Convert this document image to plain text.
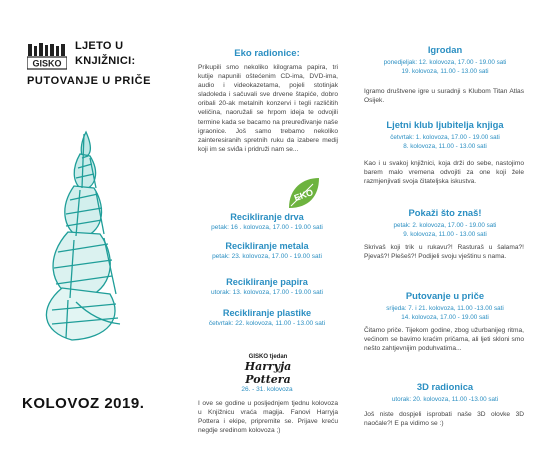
GISKO
LJETO U
KNJIŽNICI:
PUTOVANJE U PRIČE
KOLOVOZ 2019.
Eko radionice:
Prikupili smo nekoliko kilograma papira, tri kutije napunili oštećenim CD-ima, DVD-ima, audio i videokazetama, pojeli stotinjak sladoleda i sačuvali sve drvene štapiće, dobro oribali 20-ak metalnih konzervi i tegli različitih veličina, naoružali se hrpom ideja te odvojili termine kada se bacamo na preuređivanje naše igraonice. Još samo trebamo nekoliko zainteresiranih spretnih ruku da izabere medij koji im se sviđa i pridruži nam se...
EKO
Recikliranje drva
petak: 16 . kolovoza, 17.00 - 19.00 sati
Recikliranje metala
petak: 23. kolovoza, 17.00 - 19.00 sati
Recikliranje papira
utorak: 13. kolovoza, 17.00 - 19.00 sati
Recikliranje plastike
četvrtak: 22. kolovoza, 11.00 - 13.00 sati
GISKO tjedan
Harryja Pottera
26. - 31. kolovoza
I ove se godine u posljednjem tjednu kolovoza u Knjižnicu vraća magija. Fanovi Harryja Pottera i ekipe, pripremite se. Prijave kreću negdje sredinom kolovoza ;)
Igrodan
ponedjeljak: 12. kolovoza, 17.00 - 19.00 sati
19. kolovoza, 11.00 - 13.00 sati
Igramo društvene igre u suradnji s Klubom Titan Atlas Osijek.
Ljetni klub ljubitelja knjiga
četvrtak: 1. kolovoza, 17.00 - 19.00 sati
8. kolovoza, 11.00 - 13.00 sati
Kao i u svakoj knjižnici, koja drži do sebe, nastojimo barem malo vremena odvojiti za one koji žele razmjenjivati svoja čitateljska iskustva.
Pokaži što znaš!
petak: 2. kolovoza, 17.00 - 19.00 sati
9. kolovoza, 11.00 - 13.00 sati
Skrivaš koji trik u rukavu?! Rasturaš u šalama?! Pjevaš?! Plešeš?! Podijeli svoju vještinu s nama.
Putovanje u priče
srijeda: 7. i 21. kolovoza, 11.00 -13.00 sati
14. kolovoza, 17.00 - 19.00 sati
Čitamo priče. Tijekom godine, zbog užurbanijeg ritma, većinom se bavimo kraćim pričama, ali ljeti skloni smo nešto zahtjevnijim poduhvatima...
3D radionica
utorak: 20. kolovoza, 11.00 -13.00 sati
Još niste dospjeli isprobati naše 3D olovke 3D naočale?! E pa vidimo se :)
